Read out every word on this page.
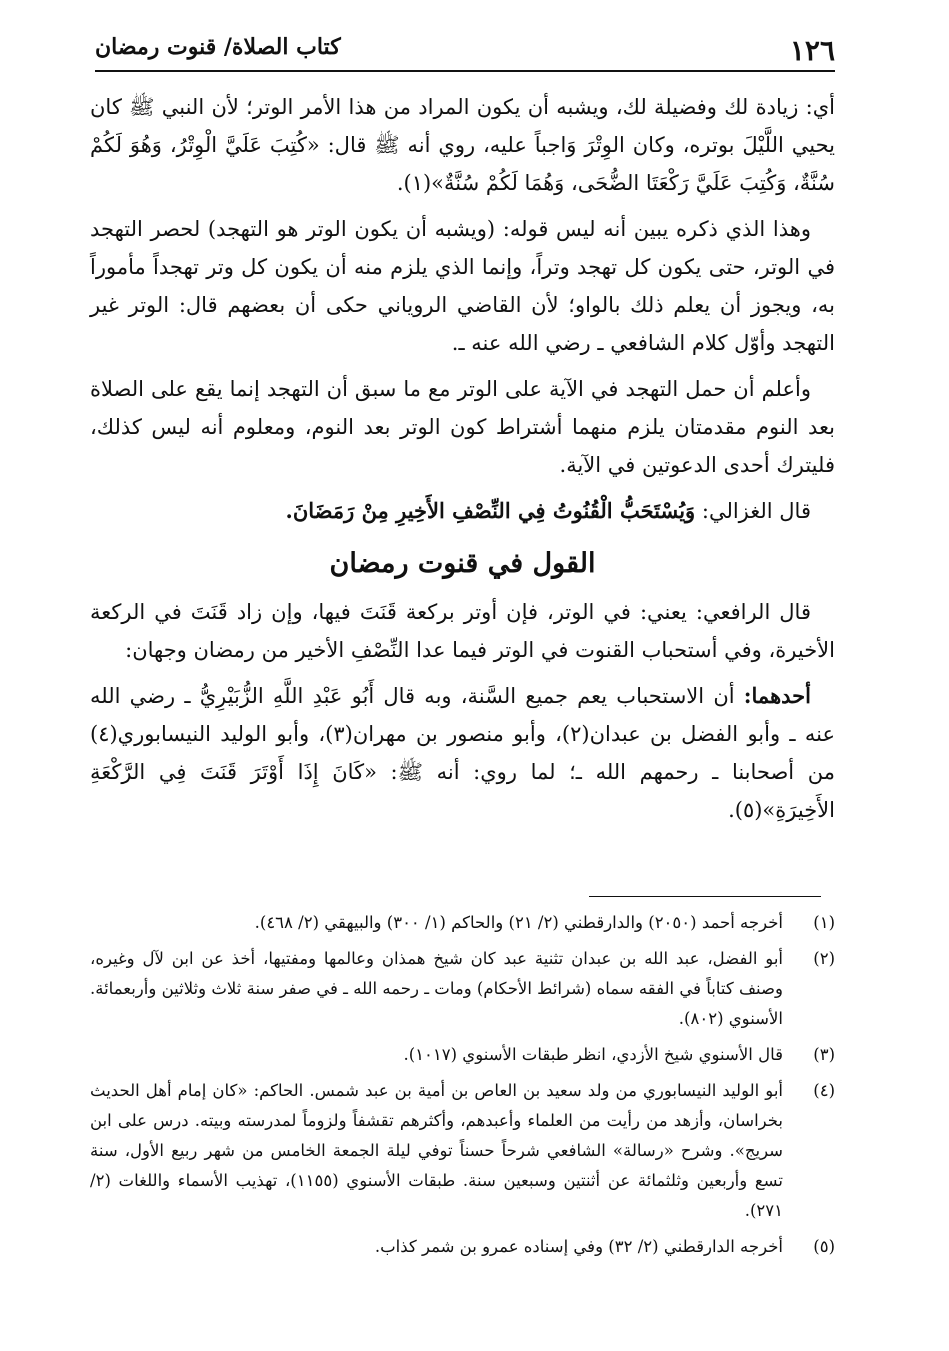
١٢٦
كتاب الصلاة/ قنوت رمضان

أي: زيادة لك وفضيلة لك، ويشبه أن يكون المراد من هذا الأمر الوتر؛ لأن النبي ﷺ كان يحيي اللَّيْلَ بوتره، وكان الوِتْرَ وَاجباً عليه، روي أنه ﷺ قال: «كُتِبَ عَلَيَّ الْوِتْرُ، وَهُوَ لَكُمْ سُنَّةٌ، وَكُتِبَ عَلَيَّ رَكْعَتَا الضُّحَى، وَهُمَا لَكُمْ سُنَّةٌ»(١).

وهذا الذي ذكره يبين أنه ليس قوله: (ويشبه أن يكون الوتر هو التهجد) لحصر التهجد في الوتر، حتى يكون كل تهجد وتراً، وإنما الذي يلزم منه أن يكون كل وتر تهجداً مأموراً به، ويجوز أن يعلم ذلك بالواو؛ لأن القاضي الروياني حكى أن بعضهم قال: الوتر غير التهجد وأوّل كلام الشافعي ـ رضي الله عنه ـ.

وأعلم أن حمل التهجد في الآية على الوتر مع ما سبق أن التهجد إنما يقع على الصلاة بعد النوم مقدمتان يلزم منهما أشتراط كون الوتر بعد النوم، ومعلوم أنه ليس كذلك، فليترك أحدى الدعوتين في الآية.

قال الغزالي: وَيُسْتَحَبُّ الْقُنُوتُ فِي النِّصْفِ الأَخِيرِ مِنْ رَمَضَانَ.

القول في قنوت رمضان

قال الرافعي: يعني: في الوتر، فإن أوتر بركعة قَنَتَ فيها، وإن زاد قَنَتَ في الركعة الأخيرة، وفي أستحباب القنوت في الوتر فيما عدا النِّصْفِ الأخير من رمضان وجهان:

أحدهما: أن الاستحباب يعم جميع السَّنة، وبه قال أَبُو عَبْدِ اللَّهِ الزُّبَيْرِيُّ ـ رضي الله عنه ـ وأبو الفضل بن عبدان(٢)، وأبو منصور بن مهران(٣)، وأبو الوليد النيسابوري(٤) من أصحابنا ـ رحمهم الله ـ؛ لما روي: أنه ﷺ: «كَانَ إِذَا أَوْتَرَ قَنَتَ فِي الرَّكْعَةِ الأَخِيرَةِ»(٥).

(١)
أخرجه أحمد (٢٠٥٠) والدارقطني (٢/ ٢١) والحاكم (١/ ٣٠٠) والبيهقي (٢/ ٤٦٨).
(٢)
أبو الفضل، عبد الله بن عبدان تثنية عبد كان شيخ همذان وعالمها ومفتيها، أخذ عن ابن لآل وغيره، وصنف كتاباً في الفقه سماه (شرائط الأحكام) ومات ـ رحمه الله ـ في صفر سنة ثلاث وثلاثين وأربعمائة. الأسنوي (٨٠٢).
(٣)
قال الأسنوي شيخ الأزدي، انظر طبقات الأسنوي (١٠١٧).
(٤)
أبو الوليد النيسابوري من ولد سعيد بن العاص بن أمية بن عبد شمس. الحاكم: «كان إمام أهل الحديث بخراسان، وأزهد من رأيت من العلماء وأعبدهم، وأكثرهم تقشفاً ولزوماً لمدرسته وبيته. درس على ابن سريج». وشرح «رسالة» الشافعي شرحاً حسناً توفي ليلة الجمعة الخامس من شهر ربيع الأول، سنة تسع وأربعين وثلثمائة عن أثنتين وسبعين سنة. طبقات الأسنوي (١١٥٥)، تهذيب الأسماء واللغات (٢/ ٢٧١).
(٥)
أخرجه الدارقطني (٢/ ٣٢) وفي إسناده عمرو بن شمر كذاب.
